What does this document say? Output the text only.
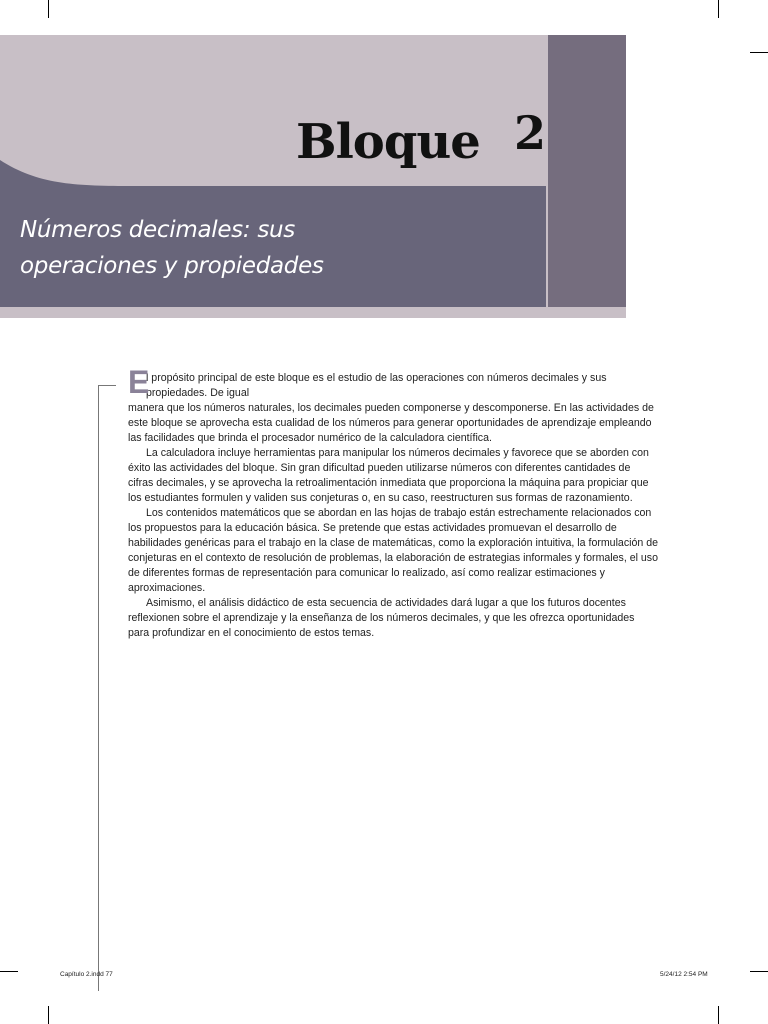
Bloque 2
Números decimales: sus
operaciones y propiedades
E
l propósito principal de este bloque es el estudio de las operaciones con números decimales y sus propiedades. De igual

manera que los números naturales, los decimales pueden componerse y descomponerse. En las actividades de este bloque se aprovecha esta cualidad de los números para generar oportunidades de aprendizaje empleando las facilidades que brinda el procesador numérico de la calculadora científica.

La calculadora incluye herramientas para manipular los números decimales y favorece que se aborden con éxito las actividades del bloque. Sin gran dificultad pueden utilizarse números con diferentes cantidades de cifras decimales, y se aprovecha la retroalimentación inmediata que proporciona la máquina para propiciar que los estudiantes formulen y validen sus conjeturas o, en su caso, reestructuren sus formas de razonamiento.

Los contenidos matemáticos que se abordan en las hojas de trabajo están estrechamente relacionados con los propuestos para la educación básica. Se pretende que estas actividades promuevan el desarrollo de habilidades genéricas para el trabajo en la clase de matemáticas, como la exploración intuitiva, la formulación de conjeturas en el contexto de resolución de problemas, la elaboración de estrategias informales y formales, el uso de diferentes formas de representación para comunicar lo realizado, así como realizar estimaciones y aproximaciones.

Asimismo, el análisis didáctico de esta secuencia de actividades dará lugar a que los futuros docentes reflexionen sobre el aprendizaje y la enseñanza de los números decimales, y que les ofrezca oportunidades para profundizar en el conocimiento de estos temas.

Capítulo 2.indd 77	5/24/12 2:54 PM
